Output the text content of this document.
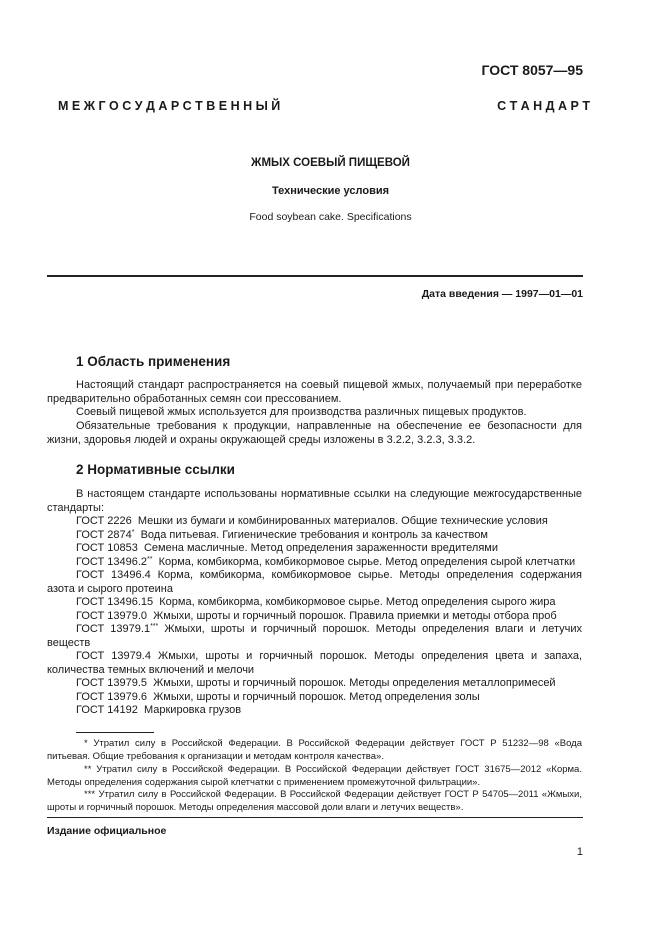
ГОСТ 8057—95
М Е Ж Г О С У Д А Р С Т В Е Н Н Ы Й	С Т А Н Д А Р Т
ЖМЫХ СОЕВЫЙ ПИЩЕВОЙ
Технические условия
Food soybean cake. Specifications
Дата введения — 1997—01—01
1 Область применения
Настоящий стандарт распространяется на соевый пищевой жмых, получаемый при переработке
предварительно обработанных семян сои прессованием.
Соевый пищевой жмых используется для производства различных пищевых продуктов.
Обязательные требования к продукции, направленные на обеспечение ее безопасности для
жизни, здоровья людей и охраны окружающей среды изложены в 3.2.2, 3.2.3, 3.3.2.
2 Нормативные ссылки
В настоящем стандарте использованы нормативные ссылки на следующие межгосударственные
стандарты:
ГОСТ 2226 Мешки из бумаги и комбинированных материалов. Общие технические условия
ГОСТ 2874* Вода питьевая. Гигиенические требования и контроль за качеством
ГОСТ 10853 Семена масличные. Метод определения зараженности вредителями
ГОСТ 13496.2** Корма, комбикорма, комбикормовое сырье. Метод определения сырой клетчатки
ГОСТ 13496.4 Корма, комбикорма, комбикормовое сырье. Методы определения содержания
азота и сырого протеина
ГОСТ 13496.15 Корма, комбикорма, комбикормовое сырье. Метод определения сырого жира
ГОСТ 13979.0 Жмыхи, шроты и горчичный порошок. Правила приемки и методы отбора проб
ГОСТ 13979.1*** Жмыхи, шроты и горчичный порошок. Методы определения влаги и летучих
веществ
ГОСТ 13979.4 Жмыхи, шроты и горчичный порошок. Методы определения цвета и запаха,
количества темных включений и мелочи
ГОСТ 13979.5 Жмыхи, шроты и горчичный порошок. Методы определения металлопримесей
ГОСТ 13979.6 Жмыхи, шроты и горчичный порошок. Метод определения золы
ГОСТ 14192 Маркировка грузов
* Утратил силу в Российской Федерации. В Российской Федерации действует ГОСТ Р 51232—98 «Вода
питьевая. Общие требования к организации и методам контроля качества».
** Утратил силу в Российской Федерации. В Российской Федерации действует ГОСТ 31675—2012 «Корма.
Методы определения содержания сырой клетчатки с применением промежуточной фильтрации».
*** Утратил силу в Российской Федерации. В Российской Федерации действует ГОСТ Р 54705—2011 «Жмыхи,
шроты и горчичный порошок. Методы определения массовой доли влаги и летучих веществ».
Издание официальное
1
